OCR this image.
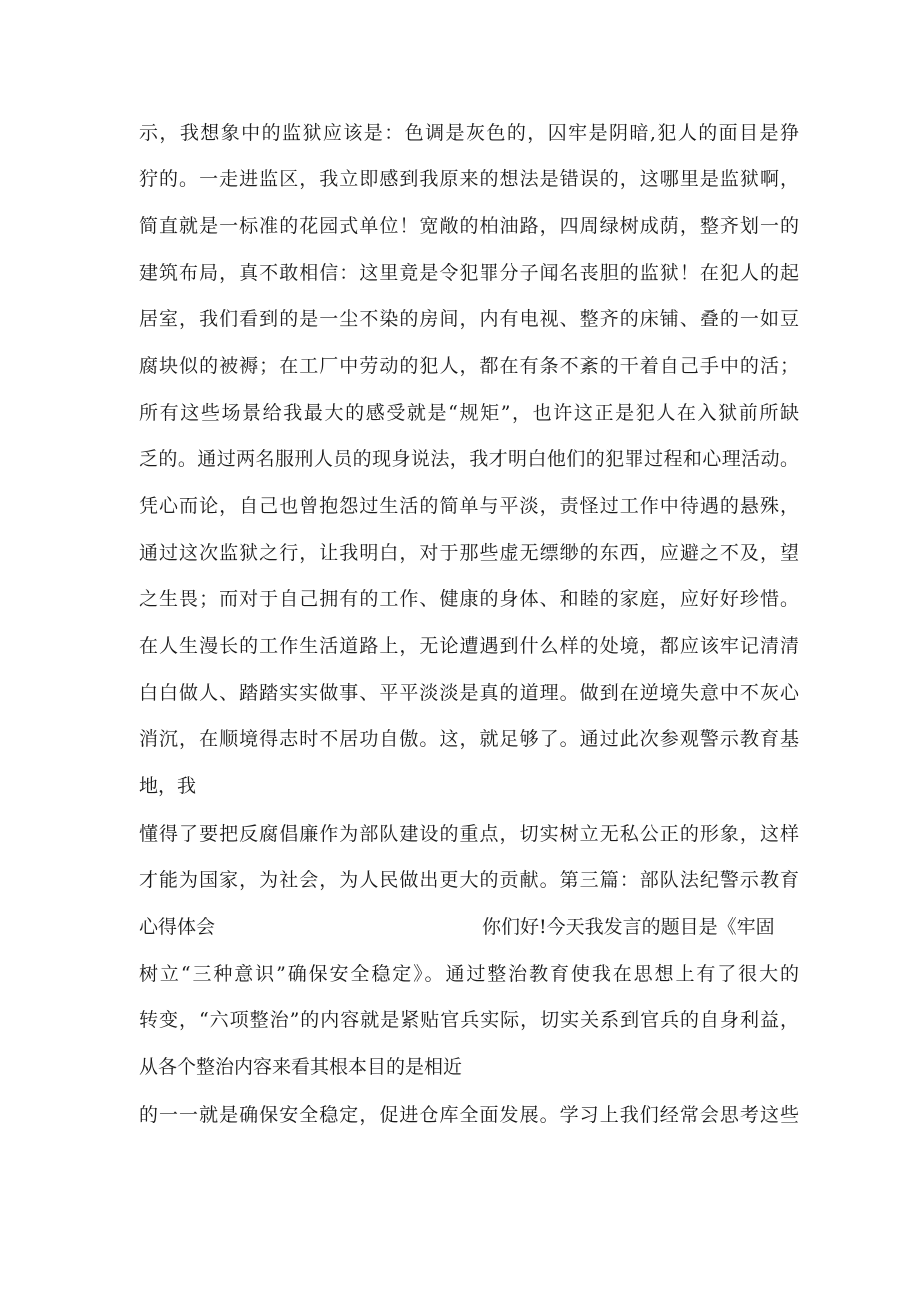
示，我想象中的监狱应该是：色调是灰色的，囚牢是阴暗,犯人的面目是狰
狞的。一走进监区，我立即感到我原来的想法是错误的，这哪里是监狱啊，
简直就是一标准的花园式单位！宽敞的柏油路，四周绿树成荫，整齐划一的
建筑布局，真不敢相信：这里竟是令犯罪分子闻名丧胆的监狱！在犯人的起
居室，我们看到的是一尘不染的房间，内有电视、整齐的床铺、叠的一如豆
腐块似的被褥；在工厂中劳动的犯人，都在有条不紊的干着自己手中的活；
所有这些场景给我最大的感受就是“规矩”，也许这正是犯人在入狱前所缺
乏的。通过两名服刑人员的现身说法，我才明白他们的犯罪过程和心理活动。
凭心而论，自己也曾抱怨过生活的简单与平淡，责怪过工作中待遇的悬殊，
通过这次监狱之行，让我明白，对于那些虚无缥缈的东西，应避之不及，望
之生畏；而对于自己拥有的工作、健康的身体、和睦的家庭，应好好珍惜。
在人生漫长的工作生活道路上，无论遭遇到什么样的处境，都应该牢记清清
白白做人、踏踏实实做事、平平淡淡是真的道理。做到在逆境失意中不灰心
消沉，在顺境得志时不居功自傲。这，就足够了。通过此次参观警示教育基
地，我
懂得了要把反腐倡廉作为部队建设的重点，切实树立无私公正的形象，这样
才能为国家，为社会，为人民做出更大的贡献。第三篇：部队法纪警示教育
心得体会	你们好!今天我发言的题目是《牢固
树立“三种意识”确保安全稳定》。通过整治教育使我在思想上有了很大的
转变，“六项整治”的内容就是紧贴官兵实际，切实关系到官兵的自身利益，
从各个整治内容来看其根本目的是相近
的一一就是确保安全稳定，促进仓库全面发展。学习上我们经常会思考这些
